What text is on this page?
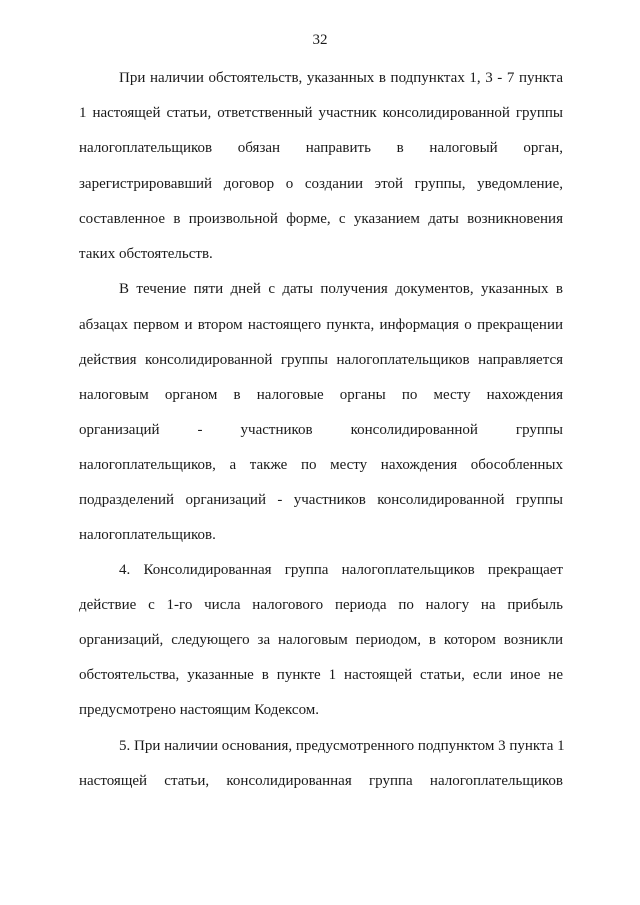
32
При наличии обстоятельств, указанных в подпунктах 1, 3 - 7 пункта
1 настоящей статьи, ответственный участник консолидированной группы
налогоплательщиков обязан направить в налоговый орган,
зарегистрировавший договор о создании этой группы, уведомление,
составленное в произвольной форме, с указанием даты возникновения
таких обстоятельств.
В течение пяти дней с даты получения документов, указанных в
абзацах первом и втором настоящего пункта, информация о прекращении
действия консолидированной группы налогоплательщиков направляется
налоговым органом в налоговые органы по месту нахождения
организаций - участников консолидированной группы
налогоплательщиков, а также по месту нахождения обособленных
подразделений организаций - участников консолидированной группы
налогоплательщиков.
4. Консолидированная группа налогоплательщиков прекращает
действие с 1-го числа налогового периода по налогу на прибыль
организаций, следующего за налоговым периодом, в котором возникли
обстоятельства, указанные в пункте 1 настоящей статьи, если иное не
предусмотрено настоящим Кодексом.
5. При наличии основания, предусмотренного подпунктом 3 пункта 1
настоящей статьи, консолидированная группа налогоплательщиков
